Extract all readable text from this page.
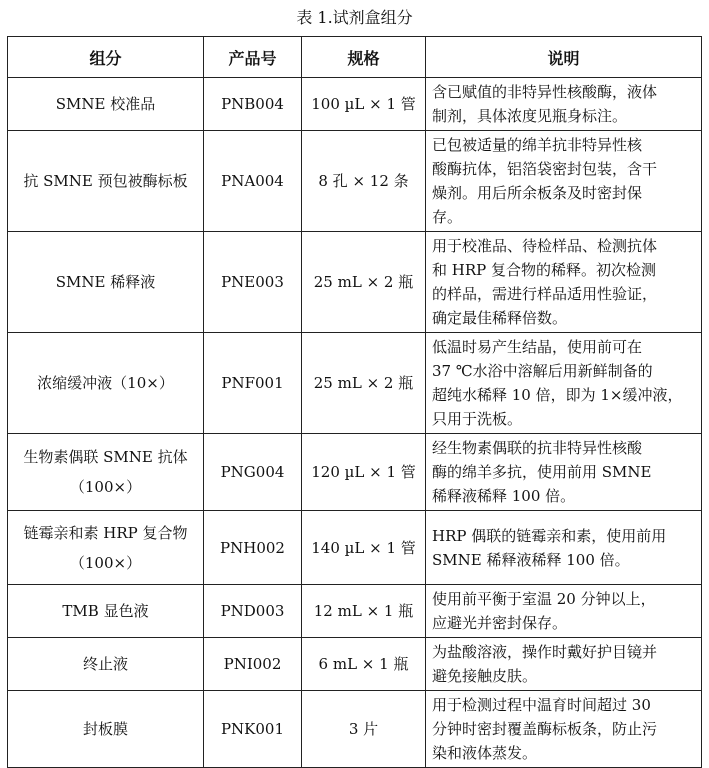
表 1.试剂盒组分
组分	产品号	规格	说明

SMNE 校准品	PNB004	100 µL × 1 管	含已赋值的非特异性核酸酶，液体
制剂，具体浓度见瓶身标注。

抗 SMNE 预包被酶标板	PNA004	8 孔 × 12 条	已包被适量的绵羊抗非特异性核
酸酶抗体，铝箔袋密封包装，含干
燥剂。用后所余板条及时密封保
存。

SMNE 稀释液	PNE003	25 mL × 2 瓶	用于校准品、待检样品、检测抗体
和 HRP 复合物的稀释。初次检测
的样品，需进行样品适用性验证，
确定最佳稀释倍数。

浓缩缓冲液（10×）	PNF001	25 mL × 2 瓶	低温时易产生结晶，使用前可在
37 ℃水浴中溶解后用新鲜制备的
超纯水稀释 10 倍，即为 1×缓冲液，
只用于洗板。

生物素偶联 SMNE 抗体
（100×）	PNG004	120 µL × 1 管	经生物素偶联的抗非特异性核酸
酶的绵羊多抗，使用前用 SMNE
稀释液稀释 100 倍。

链霉亲和素 HRP 复合物
（100×）	PNH002	140 µL × 1 管	HRP 偶联的链霉亲和素，使用前用
SMNE 稀释液稀释 100 倍。

TMB 显色液	PND003	12 mL × 1 瓶	使用前平衡于室温 20 分钟以上，
应避光并密封保存。

终止液	PNI002	6 mL × 1 瓶	为盐酸溶液，操作时戴好护目镜并
避免接触皮肤。

封板膜	PNK001	3 片	用于检测过程中温育时间超过 30
分钟时密封覆盖酶标板条，防止污
染和液体蒸发。
